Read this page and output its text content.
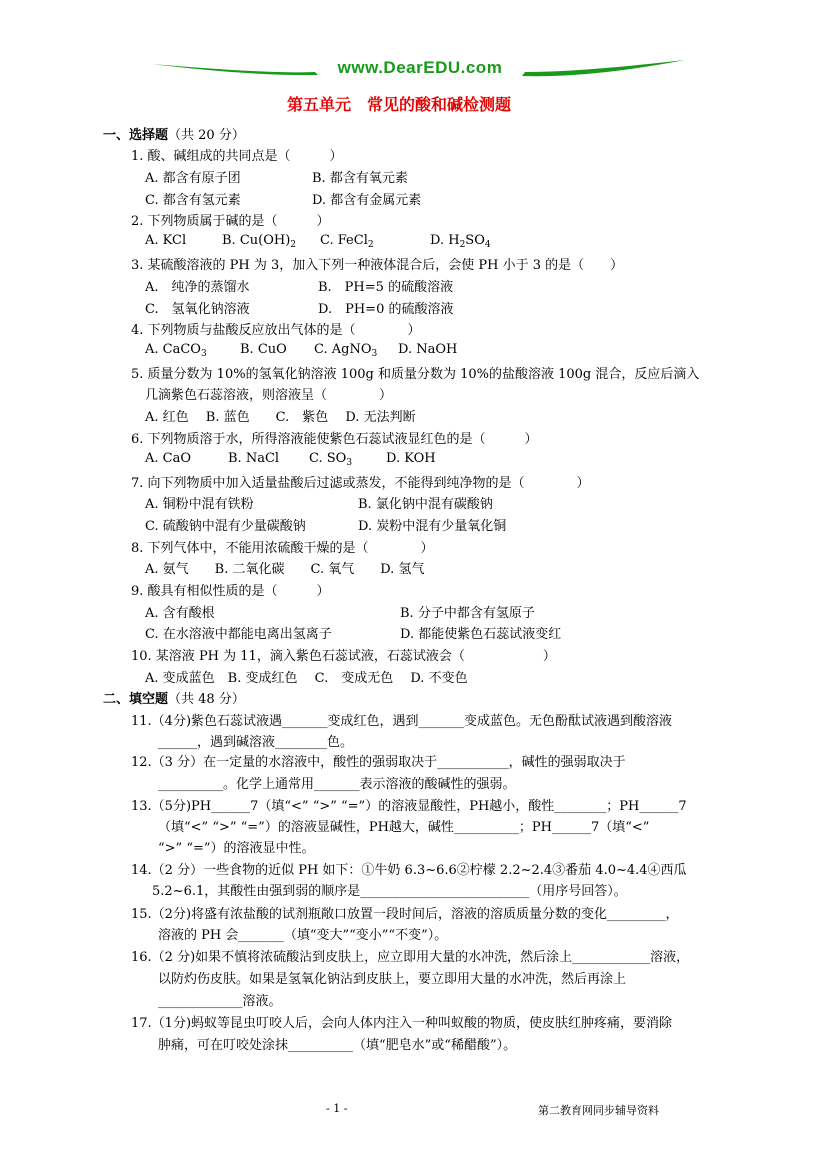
www.DearEDU.com
第五单元　常见的酸和碱检测题
一、选择题（共 20 分）
1. 酸、碱组成的共同点是（　　　）
A. 都含有原子团	B. 都含有氧元素
C. 都含有氢元素	D. 都含有金属元素
2. 下列物质属于碱的是（　　　）
A. KCl	B. $Cu(OH)_2$ C. FeCl$_2$	D. $H_2SO_4$
3. 某硫酸溶液的 PH 为 3，加入下列一种液体混合后，会使 PH 小于 3 的是（　　）
A.　纯净的蒸馏水	B.　PH=5 的硫酸溶液
C.　氢氧化钠溶液	D.　PH=0 的硫酸溶液
4. 下列物质与盐酸反应放出气体的是（　　　　）
A. CaCO$_3$	B. CuO C. AgNO$_3$ D. NaOH
5. 质量分数为 10%的氢氧化钠溶液 100g 和质量分数为 10%的盐酸溶液 100g 混合，反应后滴入
几滴紫色石蕊溶液，则溶液呈（　　　　）
A. 红色　 B. 蓝色　　C.　紫色　 D. 无法判断
6. 下列物质溶于水，所得溶液能使紫色石蕊试液显红色的是（　　　）
A. CaO	B. NaCl C. $SO_3$	D. KOH
7. 向下列物质中加入适量盐酸后过滤或蒸发，不能得到纯净物的是（　　　　）
A. 铜粉中混有铁粉	B. 氯化钠中混有碳酸钠
C. 硫酸钠中混有少量碳酸钠	D. 炭粉中混有少量氧化铜
8. 下列气体中，不能用浓硫酸干燥的是（　　　　）
A. 氨气　　B. 二氧化碳　　C. 氧气　　D. 氢气
9. 酸具有相似性质的是（　　　）
A. 含有酸根	B. 分子中都含有氢原子
C. 在水溶液中都能电离出氢离子	D. 都能使紫色石蕊试液变红
10. 某溶液 PH 为 11，滴入紫色石蕊试液，石蕊试液会（　　　　　　）
A. 变成蓝色　B. 变成红色　 C.　变成无色　 D. 不变色
二、填空题（共 48 分）
11.（4分)紫色石蕊试液遇_______变成红色，遇到_______变成蓝色。无色酚酞试液遇到酸溶液
______，遇到碱溶液________色。
12.（3 分）在一定量的水溶液中，酸性的强弱取决于___________，碱性的强弱取决于
__________。化学上通常用_______表示溶液的酸碱性的强弱。
13.（5分)PH______7（填“<” “>” “=”）的溶液显酸性，PH越小，酸性________；PH______7
（填“<” “>” “=”）的溶液显碱性，PH越大，碱性__________；PH______7（填“<”
“>” “=”）的溶液显中性。
14.（2 分）一些食物的近似 PH 如下：①牛奶 6.3~6.6②柠檬 2.2~2.4③番茄 4.0~4.4④西瓜
5.2~6.1，其酸性由强到弱的顺序是__________________________（用序号回答）。
15.（2分)将盛有浓盐酸的试剂瓶敞口放置一段时间后，溶液的溶质质量分数的变化_________，
溶液的 PH 会_______（填“变大”“变小”“不变”）。
16.（2 分)如果不慎将浓硫酸沾到皮肤上，应立即用大量的水冲洗，然后涂上____________溶液，
以防灼伤皮肤。如果是氢氧化钠沾到皮肤上，要立即用大量的水冲洗，然后再涂上
_____________溶液。
17.（1分)蚂蚁等昆虫叮咬人后，会向人体内注入一种叫蚁酸的物质，使皮肤红肿疼痛，要消除
肿痛，可在叮咬处涂抹__________（填“肥皂水”或“稀醋酸”）。
- 1 -	第二教育网同步辅导资料
